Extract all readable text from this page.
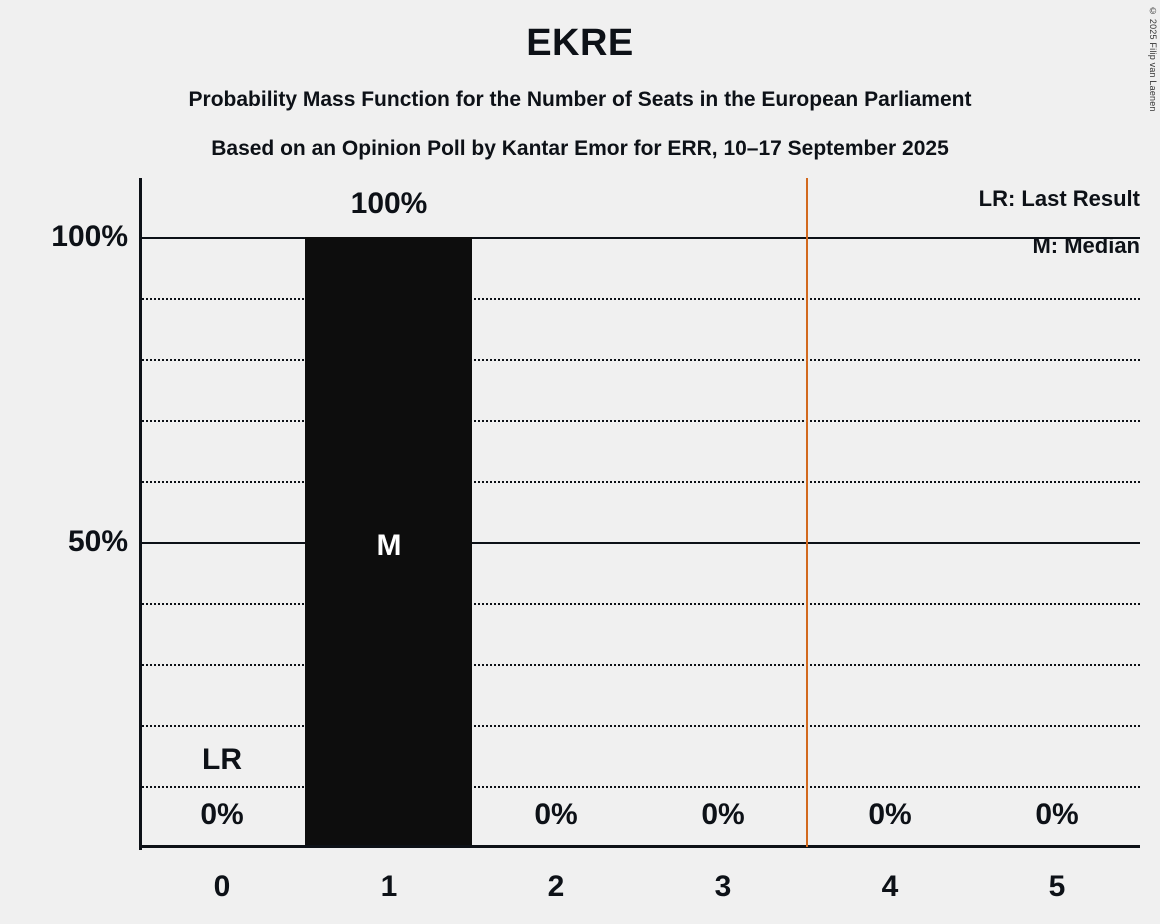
© 2025 Filip van Laenen
EKRE
Probability Mass Function for the Number of Seats in the European Parliament
Based on an Opinion Poll by Kantar Emor for ERR, 10–17 September 2025
100%
50%
LR: Last Result
M: Median
0%
100%
0%	0%	0%	0%
M
LR
0	1	2	3	4	5
